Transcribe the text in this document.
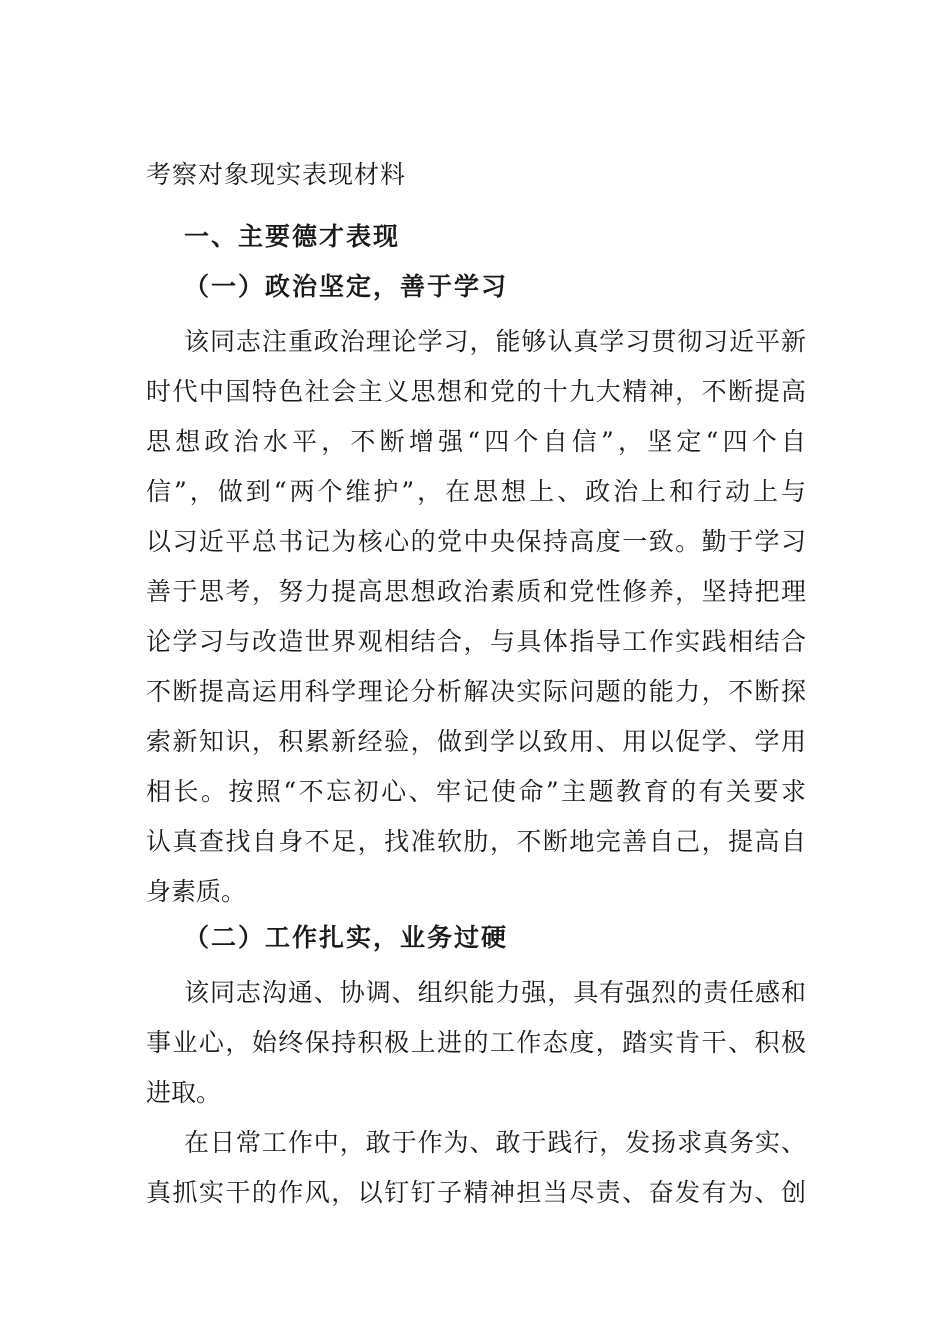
考察对象现实表现材料
一、主要德才表现
（一）政治坚定，善于学习
该同志注重政治理论学习，能够认真学习贯彻习近平新
时代中国特色社会主义思想和党的十九大精神，不断提高
思想政治水平，不断增强“四个自信”，坚定“四个自
信”，做到“两个维护”，在思想上、政治上和行动上与
以习近平总书记为核心的党中央保持高度一致。勤于学习
善于思考，努力提高思想政治素质和党性修养，坚持把理
论学习与改造世界观相结合，与具体指导工作实践相结合
不断提高运用科学理论分析解决实际问题的能力，不断探
索新知识，积累新经验，做到学以致用、用以促学、学用
相长。按照“不忘初心、牢记使命”主题教育的有关要求
认真查找自身不足，找准软肋，不断地完善自己，提高自
身素质。
（二）工作扎实，业务过硬
该同志沟通、协调、组织能力强，具有强烈的责任感和
事业心，始终保持积极上进的工作态度，踏实肯干、积极
进取。
在日常工作中，敢于作为、敢于践行，发扬求真务实、
真抓实干的作风，以钉钉子精神担当尽责、奋发有为、创
